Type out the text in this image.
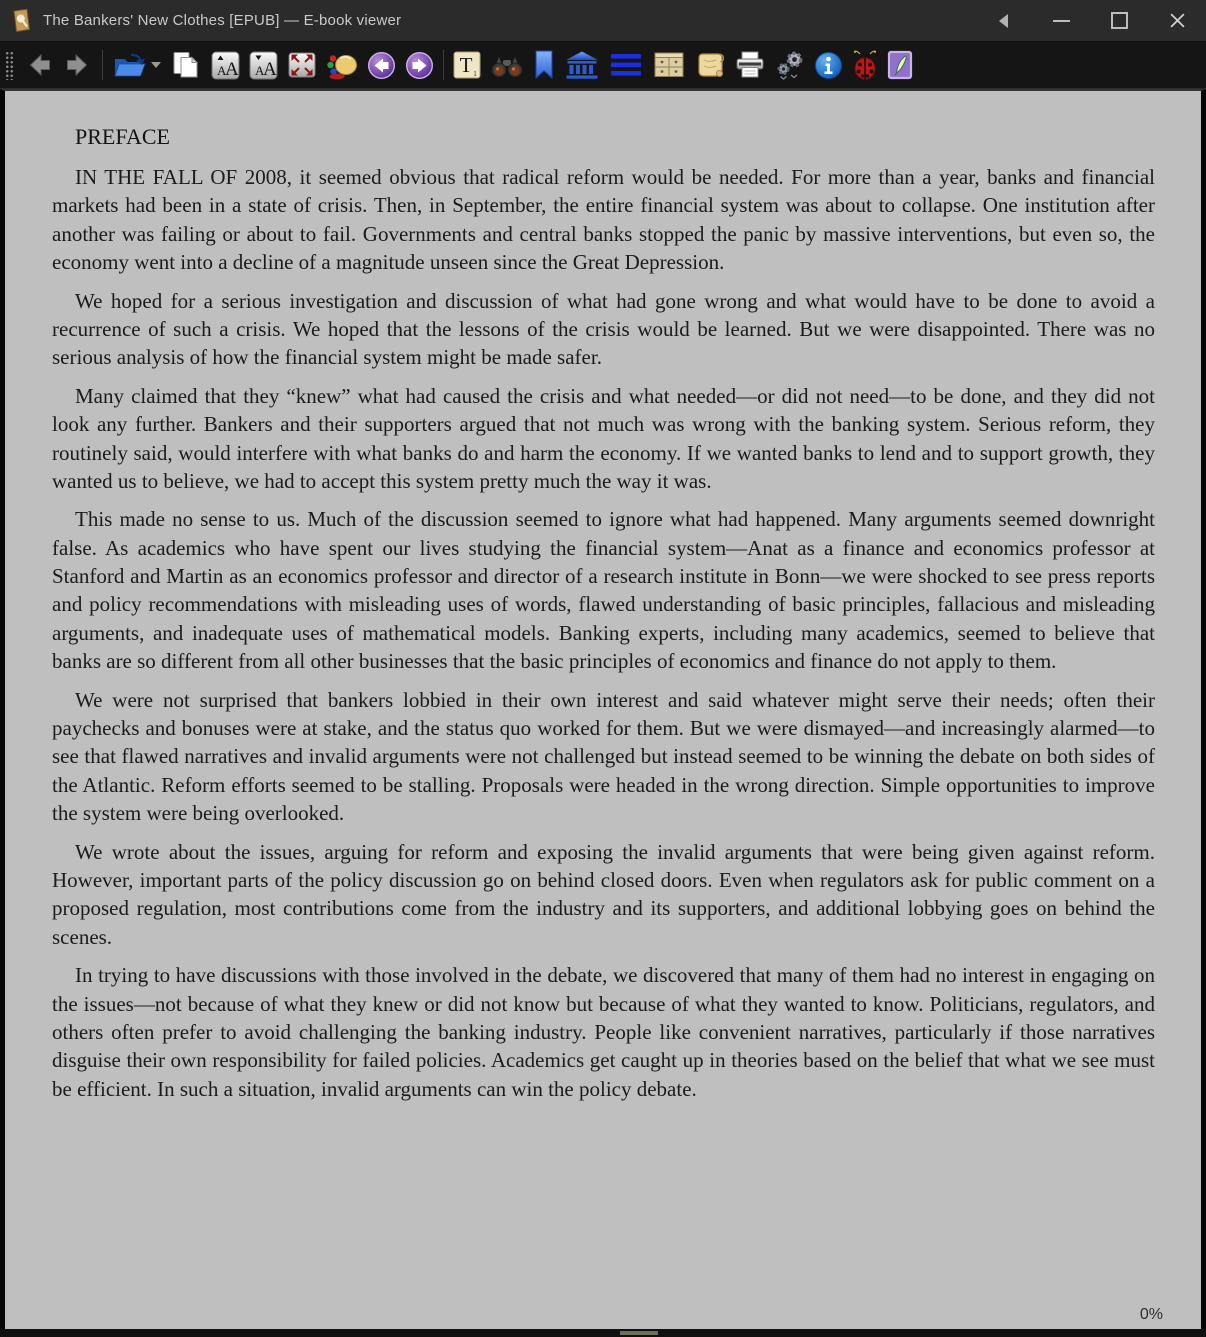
The Bankers' New Clothes [EPUB] — E-book viewer
A
A A
A	T 1
PREFACE

IN THE FALL OF 2008, it seemed obvious that radical reform would be needed. For more than a year, banks and financial markets had been in a state of crisis. Then, in September, the entire financial system was about to collapse. One institution after another was failing or about to fail. Governments and central banks stopped the panic by massive interventions, but even so, the economy went into a decline of a magnitude unseen since the Great Depression.

We hoped for a serious investigation and discussion of what had gone wrong and what would have to be done to avoid a recurrence of such a crisis. We hoped that the lessons of the crisis would be learned. But we were disappointed. There was no serious analysis of how the financial system might be made safer.

Many claimed that they “knew” what had caused the crisis and what needed—or did not need—to be done, and they did not look any further. Bankers and their supporters argued that not much was wrong with the banking system. Serious reform, they routinely said, would interfere with what banks do and harm the economy. If we wanted banks to lend and to support growth, they wanted us to believe, we had to accept this system pretty much the way it was.

This made no sense to us. Much of the discussion seemed to ignore what had happened. Many arguments seemed downright false. As academics who have spent our lives studying the financial system—Anat as a finance and economics professor at Stanford and Martin as an economics professor and director of a research institute in Bonn—we were shocked to see press reports and policy recommendations with misleading uses of words, flawed understanding of basic principles, fallacious and misleading arguments, and inadequate uses of mathematical models. Banking experts, including many academics, seemed to believe that banks are so different from all other businesses that the basic principles of economics and finance do not apply to them.

We were not surprised that bankers lobbied in their own interest and said whatever might serve their needs; often their paychecks and bonuses were at stake, and the status quo worked for them. But we were dismayed—and increasingly alarmed—to see that flawed narratives and invalid arguments were not challenged but instead seemed to be winning the debate on both sides of the Atlantic. Reform efforts seemed to be stalling. Proposals were headed in the wrong direction. Simple opportunities to improve the system were being overlooked.

We wrote about the issues, arguing for reform and exposing the invalid arguments that were being given against reform. However, important parts of the policy discussion go on behind closed doors. Even when regulators ask for public comment on a proposed regulation, most contributions come from the industry and its supporters, and additional lobbying goes on behind the scenes.

In trying to have discussions with those involved in the debate, we discovered that many of them had no interest in engaging on the issues—not because of what they knew or did not know but because of what they wanted to know. Politicians, regulators, and others often prefer to avoid challenging the banking industry. People like convenient narratives, particularly if those narratives disguise their own responsibility for failed policies. Academics get caught up in theories based on the belief that what we see must be efficient. In such a situation, invalid arguments can win the policy debate.

0%
